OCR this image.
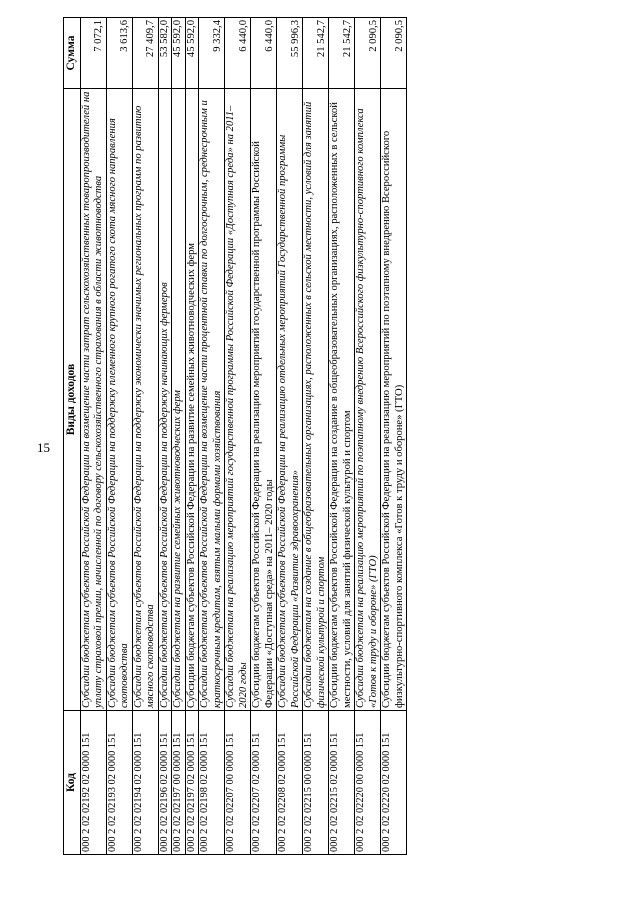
15
Код	Виды доходов	Сумма
000 2 02 02192 02 0000 151	Субсидии бюджетам субъектов Российской Федерации на возмещение части затрат сельскохозяйственных товаропроизводителей на уплату страховой премии, начисленной по договору сельскохозяйственного страхования в области животноводства	7 072,1
000 2 02 02193 02 0000 151	Субсидии бюджетам субъектов Российской Федерации на поддержку племенного крупного рогатого скота мясного направления скотоводства	3 613,6
000 2 02 02194 02 0000 151	Субсидии бюджетам субъектов Российской Федерации на поддержку экономически значимых региональных программ по развитию мясного скотоводства	27 409,7
000 2 02 02196 02 0000 151	Субсидии бюджетам субъектов Российской Федерации на поддержку начинающих фермеров	53 582,0
000 2 02 02197 00 0000 151	Субсидии бюджетам на развитие семейных животноводческих ферм	45 592,0
000 2 02 02197 02 0000 151	Субсидии бюджетам субъектов Российской Федерации на развитие семейных животноводческих ферм	45 592,0
000 2 02 02198 02 0000 151	Субсидии бюджетам субъектов Российской Федерации на возмещение части процентной ставки по долгосрочным, среднесрочным и краткосрочным кредитам, взятым малыми формами хозяйствования	9 332,4
000 2 02 02207 00 0000 151	Субсидии бюджетам на реализацию мероприятий государственной программы Российской Федерации «Доступная среда» на 2011–2020 годы	6 440,0
000 2 02 02207 02 0000 151	Субсидии бюджетам субъектов Российской Федерации на реализацию мероприятий государственной программы Российской Федерации «Доступная среда» на 2011– 2020 годы	6 440,0
000 2 02 02208 02 0000 151	Субсидии бюджетам субъектов Российской Федерации на реализацию отдельных мероприятий Государственной программы Российской Федерации «Развитие здравоохранения»	55 996,3
000 2 02 02215 00 0000 151	Субсидии бюджетам на создание в общеобразовательных организациях, расположенных в сельской местности, условий для занятий физической культурой и спортом	21 542,7
000 2 02 02215 02 0000 151	Субсидии бюджетам субъектов Российской Федерации на создание в общеобразовательных организациях, расположенных в сельской местности, условий для занятий физической культурой и спортом	21 542,7
000 2 02 02220 00 0000 151	Субсидии бюджетам на реализацию мероприятий по поэтапному внедрению Всероссийского физкультурно-спортивного комплекса «Готов к труду и обороне» (ГТО)	2 090,5
000 2 02 02220 02 0000 151	Субсидии бюджетам субъектов Российской Федерации на реализацию мероприятий по поэтапному внедрению Всероссийского физкультурно-спортивного комплекса «Готов к труду и обороне» (ГТО)	2 090,5
